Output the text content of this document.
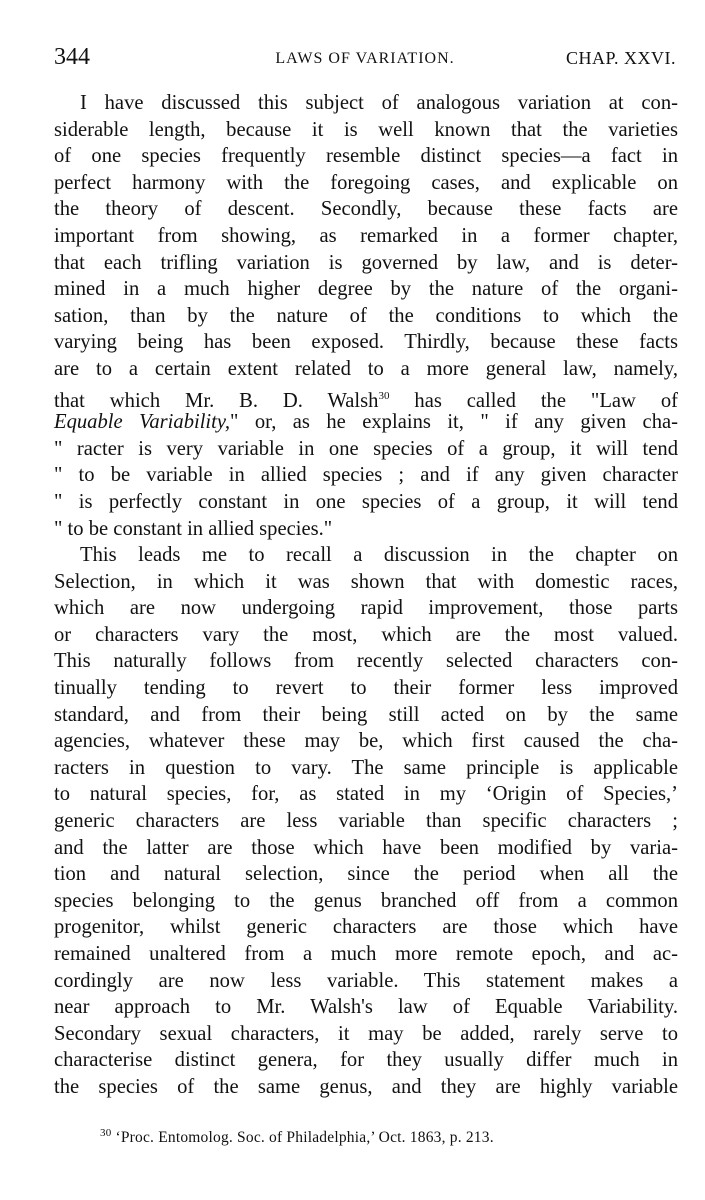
344	LAWS OF VARIATION.	CHAP. XXVI.
I have discussed this subject of analogous variation at con-
siderable length, because it is well known that the varieties
of one species frequently resemble distinct species—a fact in
perfect harmony with the foregoing cases, and explicable on
the theory of descent. Secondly, because these facts are
important from showing, as remarked in a former chapter,
that each trifling variation is governed by law, and is deter-
mined in a much higher degree by the nature of the organi-
sation, than by the nature of the conditions to which the
varying being has been exposed. Thirdly, because these facts
are to a certain extent related to a more general law, namely,
that which Mr. B. D. Walsh$^{30}$ has called the "Law of
Equable Variability," or, as he explains it, " if any given cha-
" racter is very variable in one species of a group, it will tend
" to be variable in allied species ; and if any given character
" is perfectly constant in one species of a group, it will tend
" to be constant in allied species."
This leads me to recall a discussion in the chapter on
Selection, in which it was shown that with domestic races,
which are now undergoing rapid improvement, those parts
or characters vary the most, which are the most valued.
This naturally follows from recently selected characters con-
tinually tending to revert to their former less improved
standard, and from their being still acted on by the same
agencies, whatever these may be, which first caused the cha-
racters in question to vary. The same principle is applicable
to natural species, for, as stated in my ‘Origin of Species,’
generic characters are less variable than specific characters ;
and the latter are those which have been modified by varia-
tion and natural selection, since the period when all the
species belonging to the genus branched off from a common
progenitor, whilst generic characters are those which have
remained unaltered from a much more remote epoch, and ac-
cordingly are now less variable. This statement makes a
near approach to Mr. Walsh's law of Equable Variability.
Secondary sexual characters, it may be added, rarely serve to
characterise distinct genera, for they usually differ much in
the species of the same genus, and they are highly variable
$^{30}$ ‘Proc. Entomolog. Soc. of Philadelphia,’ Oct. 1863, p. 213.
